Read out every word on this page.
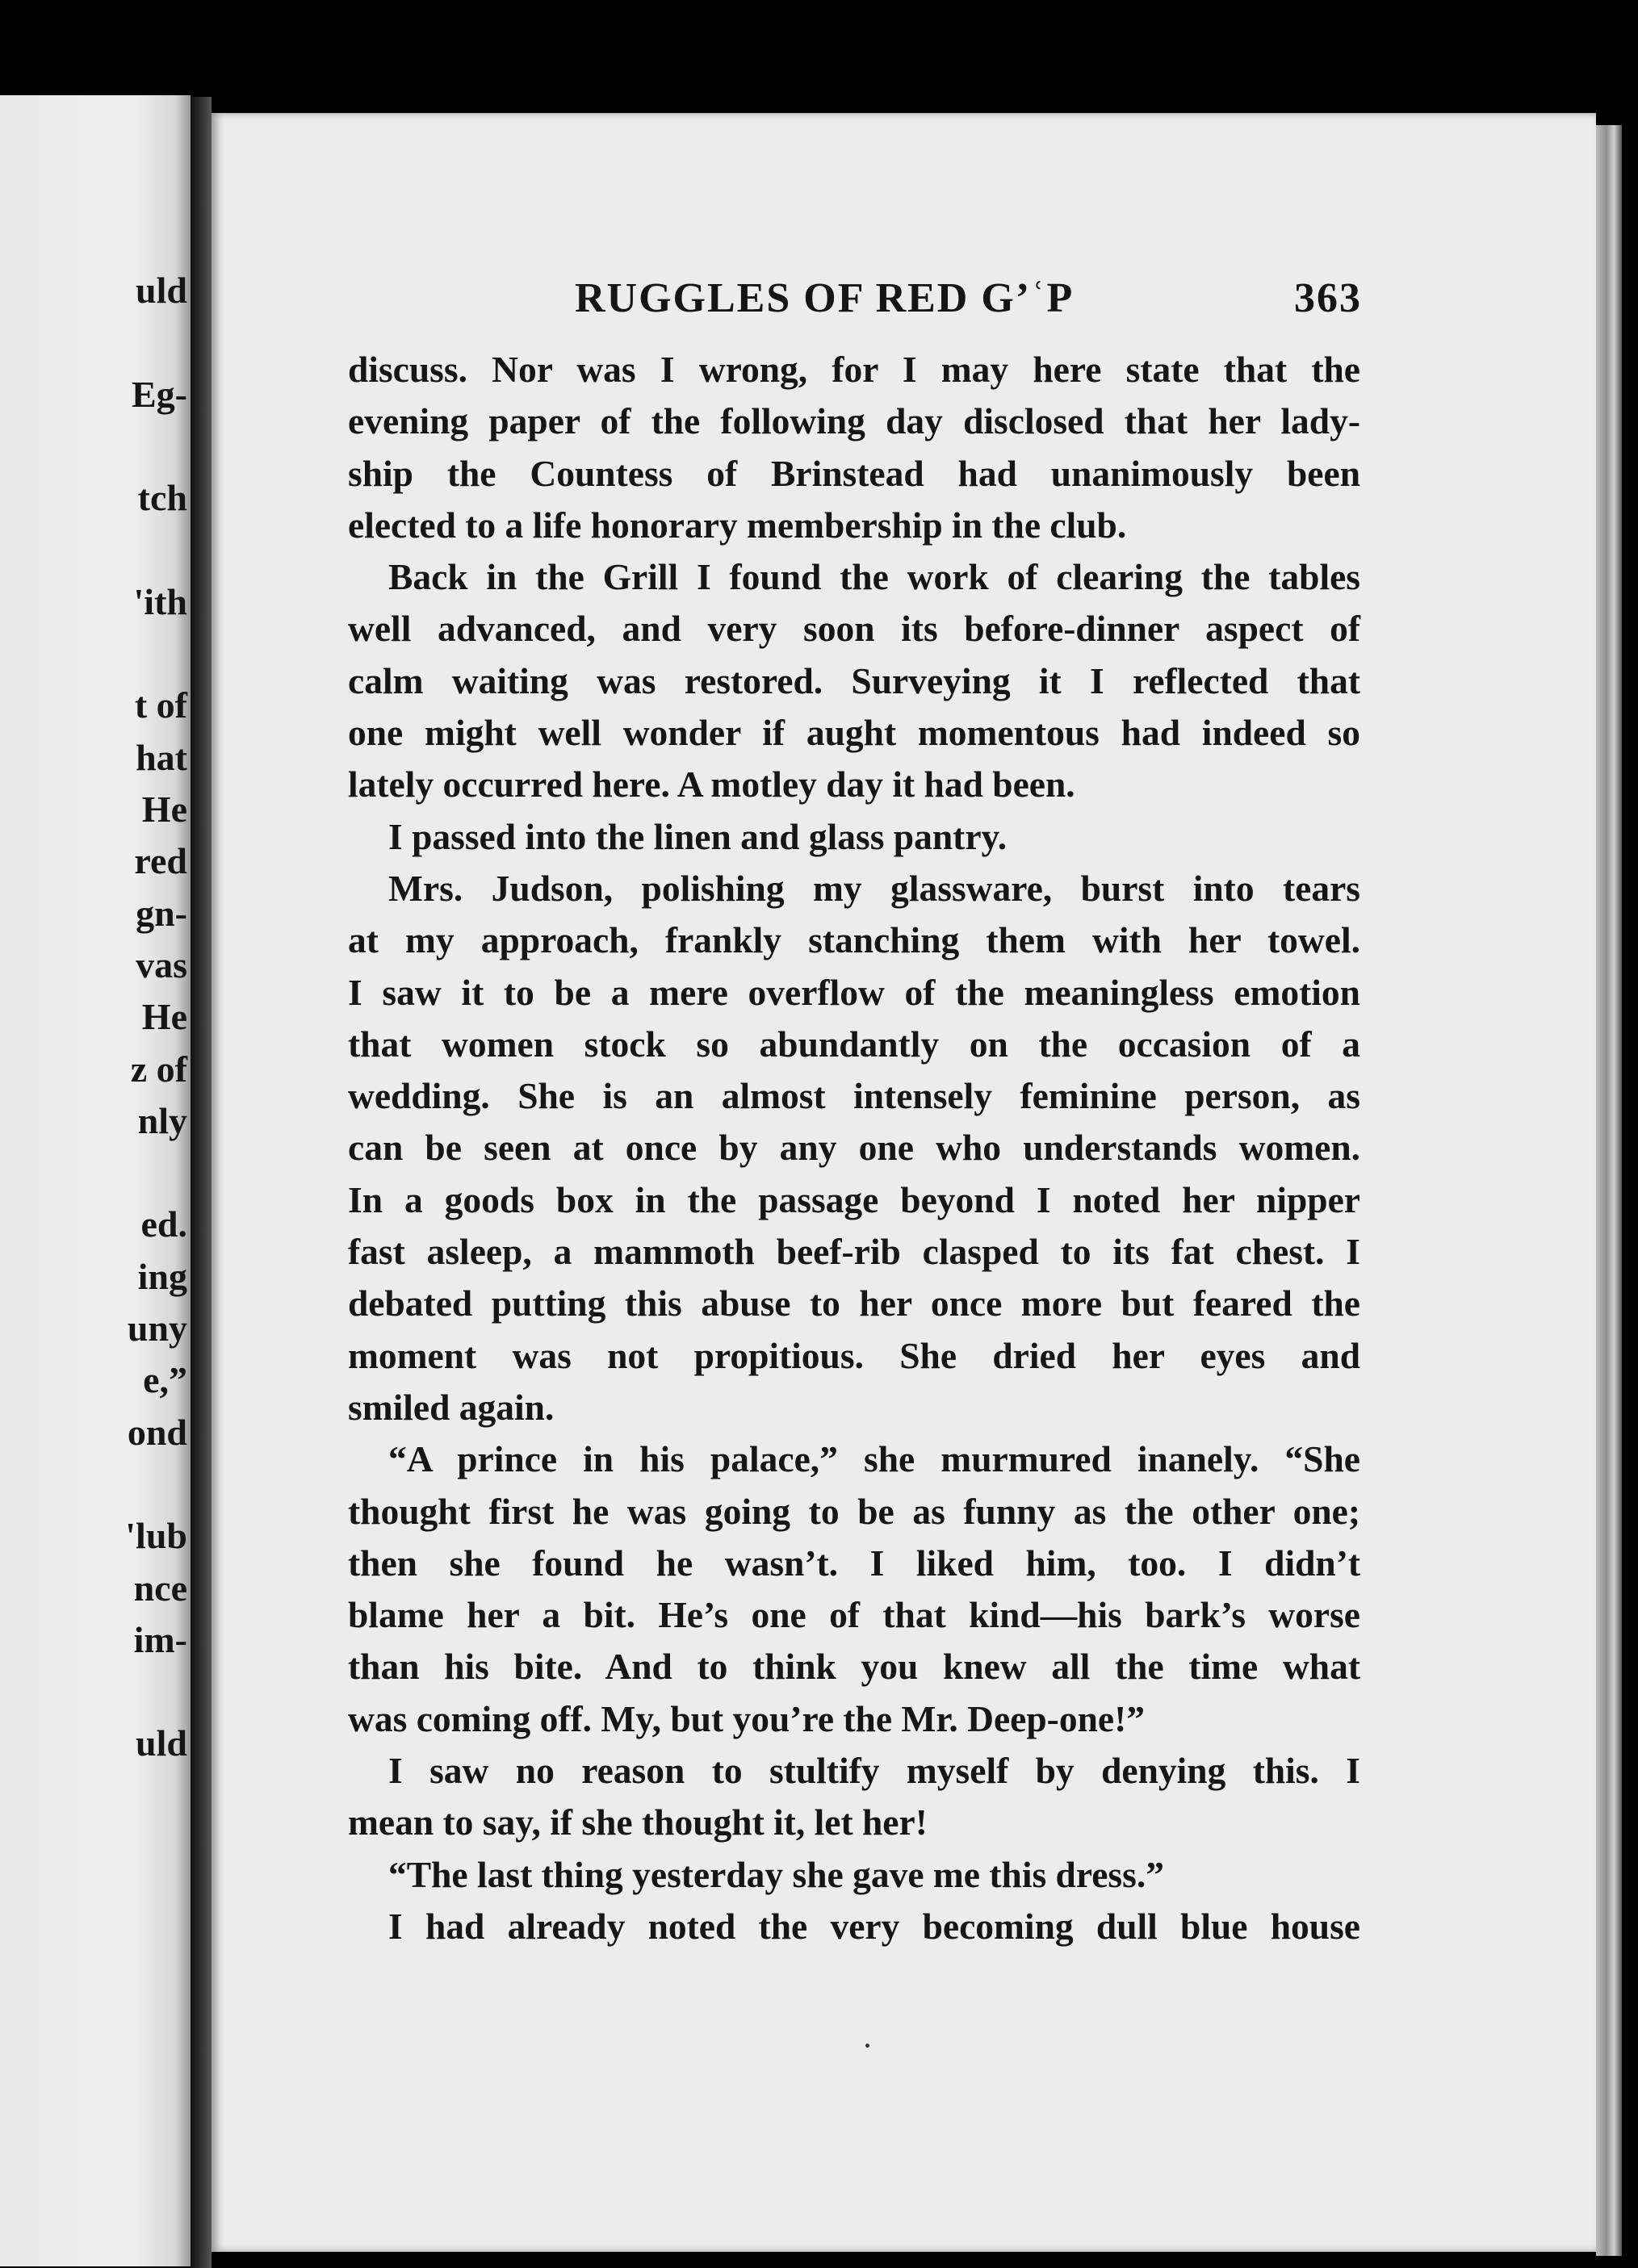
uld
Eg-
tch
'ith
t of
hat
He
red
gn-
vas
He
z of
nly
ed.
ing
uny
e,”
ond
'lub
nce
im-
uld
RUGGLES OF RED G’ʿP	363
discuss. Nor was I wrong, for I may here state that the
evening paper of the following day disclosed that her lady-
ship the Countess of Brinstead had unanimously been
elected to a life honorary membership in the club.
Back in the Grill I found the work of clearing the tables
well advanced, and very soon its before-dinner aspect of
calm waiting was restored. Surveying it I reflected that
one might well wonder if aught momentous had indeed so
lately occurred here. A motley day it had been.
I passed into the linen and glass pantry.
Mrs. Judson, polishing my glassware, burst into tears
at my approach, frankly stanching them with her towel.
I saw it to be a mere overflow of the meaningless emotion
that women stock so abundantly on the occasion of a
wedding. She is an almost intensely feminine person, as
can be seen at once by any one who understands women.
In a goods box in the passage beyond I noted her nipper
fast asleep, a mammoth beef-rib clasped to its fat chest. I
debated putting this abuse to her once more but feared the
moment was not propitious. She dried her eyes and
smiled again.
“A prince in his palace,” she murmured inanely. “She
thought first he was going to be as funny as the other one;
then she found he wasn’t. I liked him, too. I didn’t
blame her a bit. He’s one of that kind—his bark’s worse
than his bite. And to think you knew all the time what
was coming off. My, but you’re the Mr. Deep-one!”
I saw no reason to stultify myself by denying this. I
mean to say, if she thought it, let her!
“The last thing yesterday she gave me this dress.”
I had already noted the very becoming dull blue house
